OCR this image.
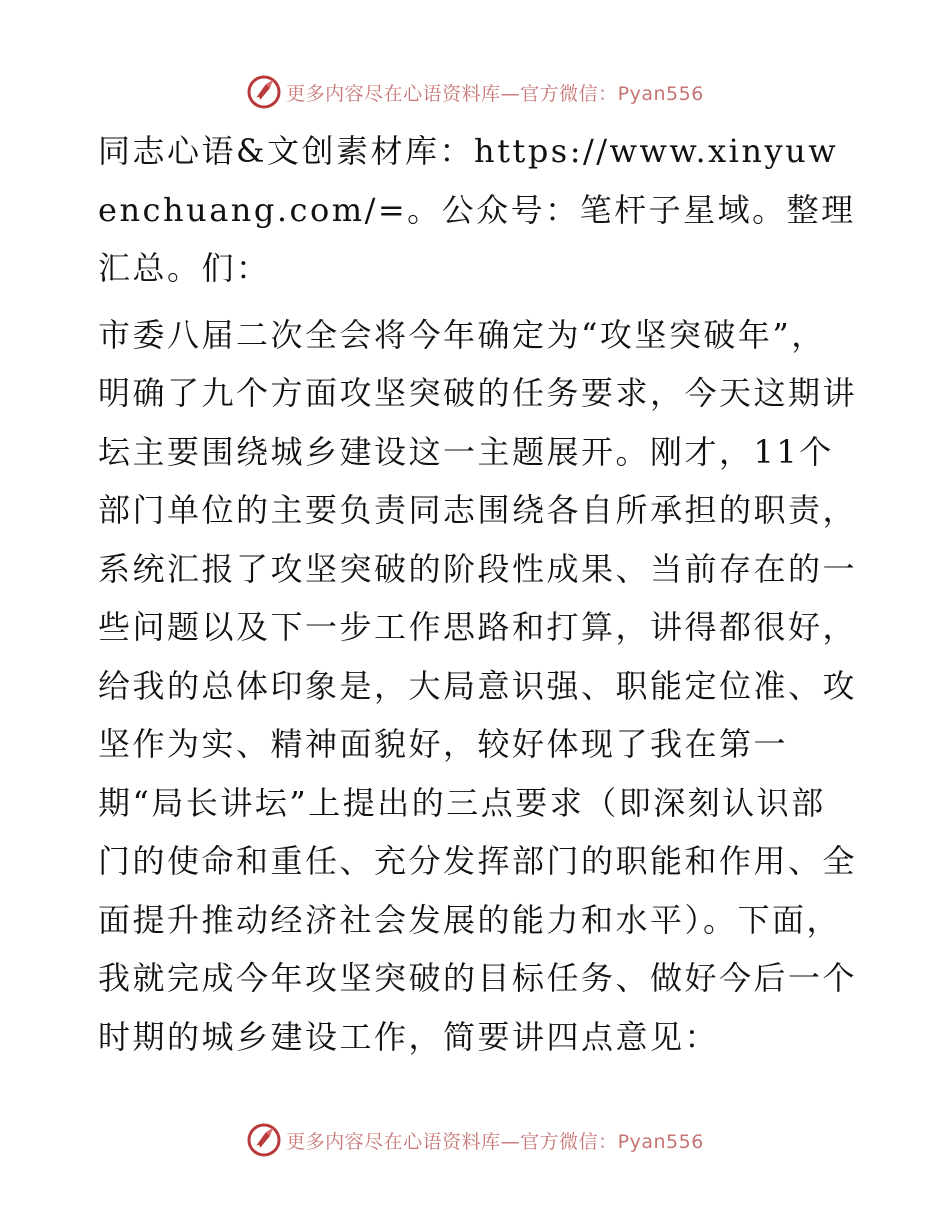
更多内容尽在心语资料库—官方微信：Pyan556

同志心语&文创素材库：https://www.xinyuwenchuang.com/=。公众号：笔杆子星域。整理汇总。们：

市委八届二次全会将今年确定为“攻坚突破年”，明确了九个方面攻坚突破的任务要求，今天这期讲坛主要围绕城乡建设这一主题展开。刚才，11个部门单位的主要负责同志围绕各自所承担的职责，系统汇报了攻坚突破的阶段性成果、当前存在的一些问题以及下一步工作思路和打算，讲得都很好，给我的总体印象是，大局意识强、职能定位准、攻坚作为实、精神面貌好，较好体现了我在第一期“局长讲坛”上提出的三点要求（即深刻认识部门的使命和重任、充分发挥部门的职能和作用、全面提升推动经济社会发展的能力和水平）。下面，我就完成今年攻坚突破的目标任务、做好今后一个时期的城乡建设工作，简要讲四点意见：

更多内容尽在心语资料库—官方微信：Pyan556
